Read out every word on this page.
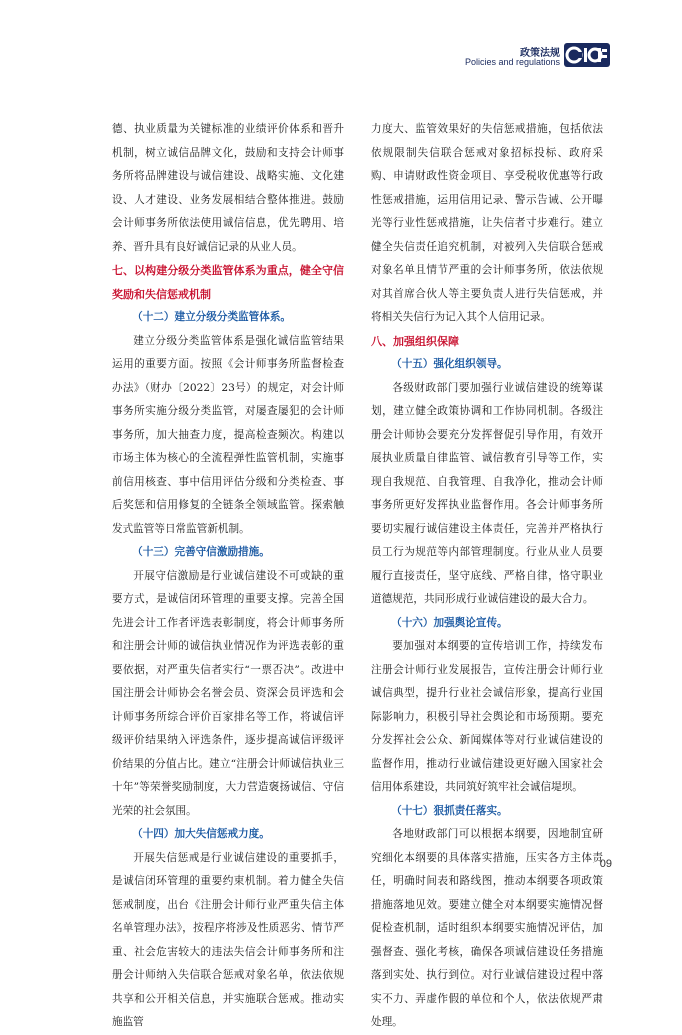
政策法规
Policies and regulations

德、执业质量为关键标准的业绩评价体系和晋升机制，树立诚信品牌文化，鼓励和支持会计师事务所将品牌建设与诚信建设、战略实施、文化建设、人才建设、业务发展相结合整体推进。鼓励会计师事务所依法使用诚信信息，优先聘用、培养、晋升具有良好诚信记录的从业人员。

七、以构建分级分类监管体系为重点，健全守信奖励和失信惩戒机制

（十二）建立分级分类监管体系。

建立分级分类监管体系是强化诚信监管结果运用的重要方面。按照《会计师事务所监督检查办法》（财办〔2022〕23号）的规定，对会计师事务所实施分级分类监管，对屡查屡犯的会计师事务所，加大抽查力度，提高检查频次。构建以市场主体为核心的全流程弹性监管机制，实施事前信用核查、事中信用评估分级和分类检查、事后奖惩和信用修复的全链条全领域监管。探索触发式监管等日常监管新机制。

（十三）完善守信激励措施。

开展守信激励是行业诚信建设不可或缺的重要方式，是诚信闭环管理的重要支撑。完善全国先进会计工作者评选表彰制度，将会计师事务所和注册会计师的诚信执业情况作为评选表彰的重要依据，对严重失信者实行“一票否决”。改进中国注册会计师协会名誉会员、资深会员评选和会计师事务所综合评价百家排名等工作，将诚信评级评价结果纳入评选条件，逐步提高诚信评级评价结果的分值占比。建立“注册会计师诚信执业三十年”等荣誉奖励制度，大力营造褒扬诚信、守信光荣的社会氛围。

（十四）加大失信惩戒力度。

开展失信惩戒是行业诚信建设的重要抓手，是诚信闭环管理的重要约束机制。着力健全失信惩戒制度，出台《注册会计师行业严重失信主体名单管理办法》，按程序将涉及性质恶劣、情节严重、社会危害较大的违法失信会计师事务所和注册会计师纳入失信联合惩戒对象名单，依法依规共享和公开相关信息，并实施联合惩戒。推动实施监管

力度大、监管效果好的失信惩戒措施，包括依法依规限制失信联合惩戒对象招标投标、政府采购、申请财政性资金项目、享受税收优惠等行政性惩戒措施，运用信用记录、警示告诫、公开曝光等行业性惩戒措施，让失信者寸步难行。建立健全失信责任追究机制，对被列入失信联合惩戒对象名单且情节严重的会计师事务所，依法依规对其首席合伙人等主要负责人进行失信惩戒，并将相关失信行为记入其个人信用记录。

八、加强组织保障

（十五）强化组织领导。

各级财政部门要加强行业诚信建设的统筹谋划，建立健全政策协调和工作协同机制。各级注册会计师协会要充分发挥督促引导作用，有效开展执业质量自律监管、诚信教育引导等工作，实现自我规范、自我管理、自我净化，推动会计师事务所更好发挥执业监督作用。各会计师事务所要切实履行诚信建设主体责任，完善并严格执行员工行为规范等内部管理制度。行业从业人员要履行直接责任，坚守底线、严格自律，恪守职业道德规范，共同形成行业诚信建设的最大合力。

（十六）加强舆论宣传。

要加强对本纲要的宣传培训工作，持续发布注册会计师行业发展报告，宣传注册会计师行业诚信典型，提升行业社会诚信形象，提高行业国际影响力，积极引导社会舆论和市场预期。要充分发挥社会公众、新闻媒体等对行业诚信建设的监督作用，推动行业诚信建设更好融入国家社会信用体系建设，共同筑好筑牢社会诚信堤坝。

（十七）狠抓责任落实。

各地财政部门可以根据本纲要，因地制宜研究细化本纲要的具体落实措施，压实各方主体责任，明确时间表和路线图，推动本纲要各项政策措施落地见效。要建立健全对本纲要实施情况督促检查机制，适时组织本纲要实施情况评估，加强督查、强化考核，确保各项诚信建设任务措施落到实处、执行到位。对行业诚信建设过程中落实不力、弄虚作假的单位和个人，依法依规严肃处理。

09
